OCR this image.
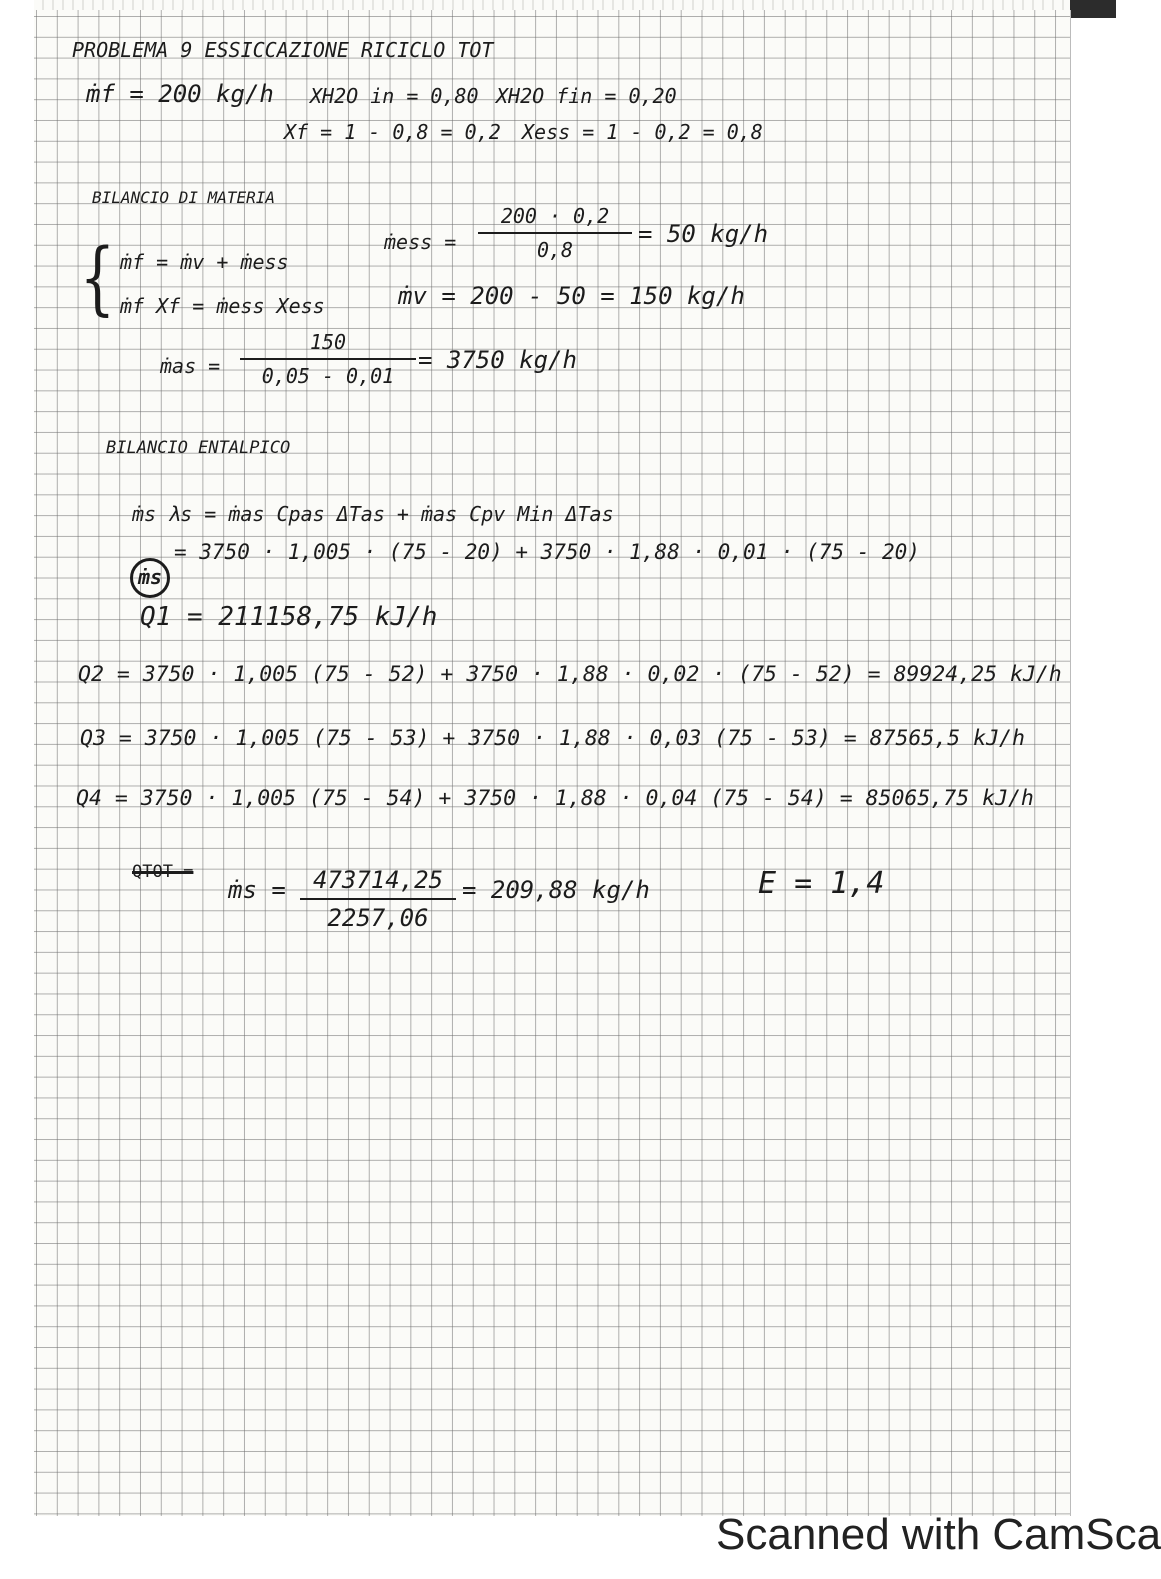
PROBLEMA 9 ESSICCAZIONE RICICLO TOT
ṁf = 200 kg/h XH2O in = 0,80 XH2O fin = 0,20
Xf = 1 - 0,8 = 0,2 Xess = 1 - 0,2 = 0,8
BILANCIO DI MATERIA
{ ṁf = ṁv + ṁess
ṁf Xf = ṁess Xess
ṁess =
200 · 0,2
0,8
= 50 kg/h
ṁv = 200 - 50 = 150 kg/h
ṁas =
150
0,05 - 0,01
= 3750 kg/h
BILANCIO ENTALPICO
ṁs λs = ṁas Cpas ΔTas + ṁas Cpv Min ΔTas
ṁs
= 3750 · 1,005 · (75 - 20) + 3750 · 1,88 · 0,01 · (75 - 20)
Q1 = 211158,75 kJ/h
Q2 = 3750 · 1,005 (75 - 52) + 3750 · 1,88 · 0,02 · (75 - 52) = 89924,25 kJ/h
Q3 = 3750 · 1,005 (75 - 53) + 3750 · 1,88 · 0,03 (75 - 53) = 87565,5 kJ/h
Q4 = 3750 · 1,005 (75 - 54) + 3750 · 1,88 · 0,04 (75 - 54) = 85065,75 kJ/h
QTOT =
ṁs =	473714,25
2257,06
= 209,88 kg/h	E = 1,4
Scanned with CamSca
